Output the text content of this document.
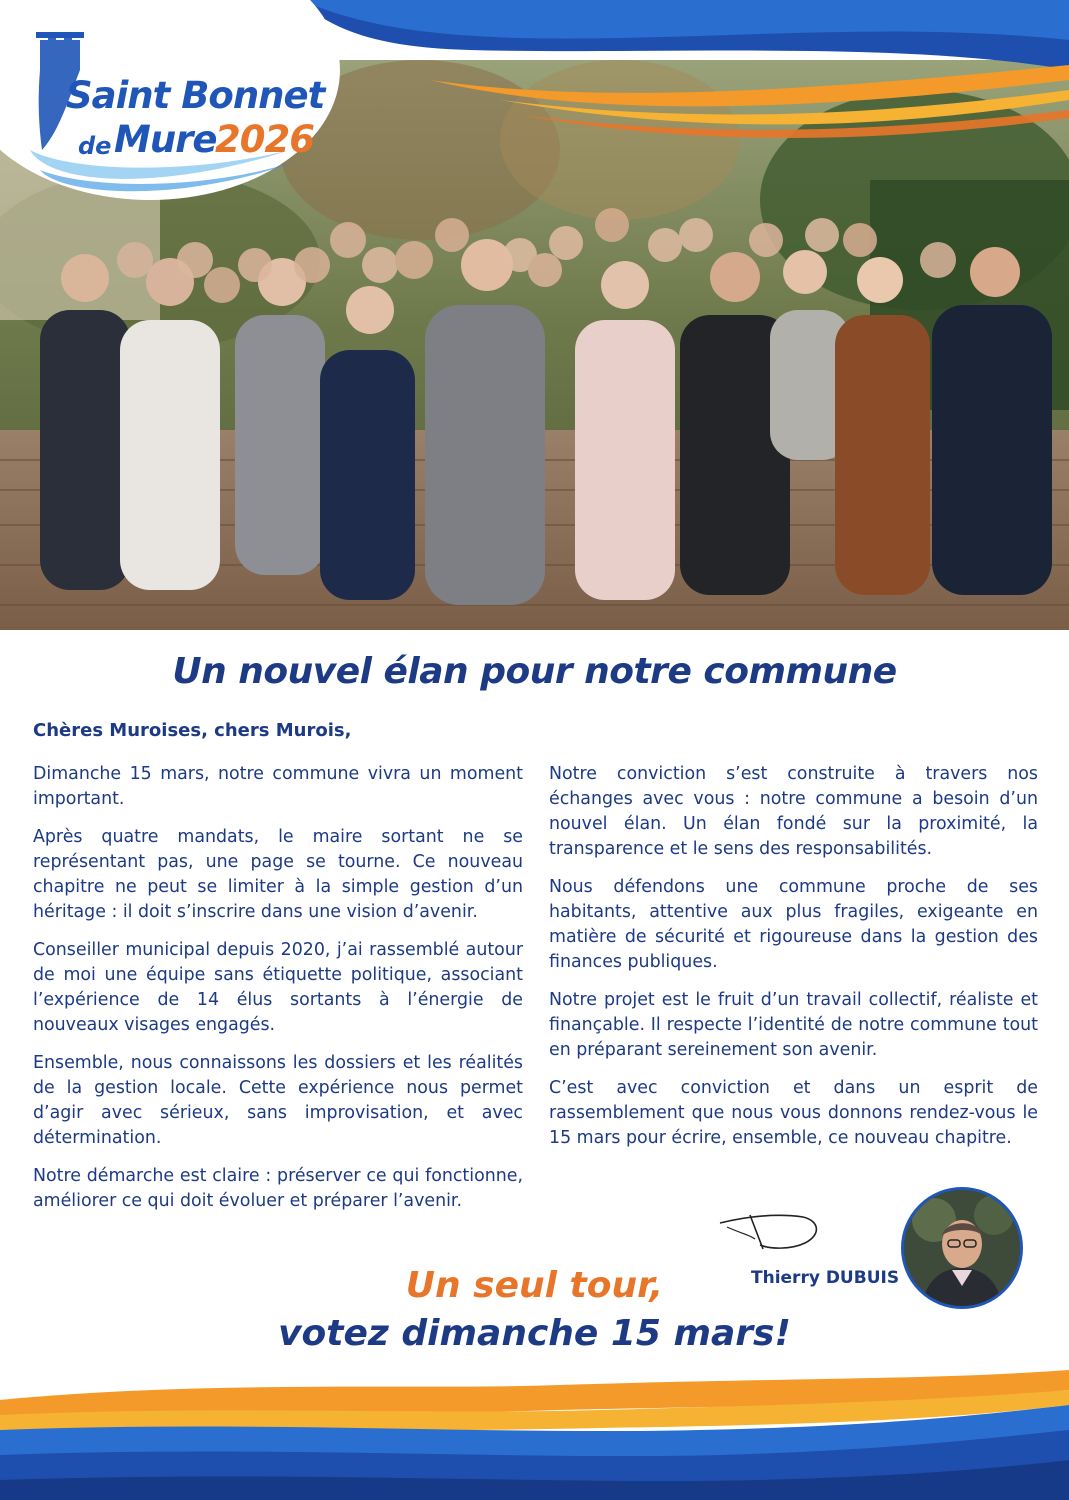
Saint Bonnet
de Mure
2026
Un nouvel élan pour notre commune
Chères Muroises, chers Murois,

Dimanche 15 mars, notre commune vivra un moment important.

Après quatre mandats, le maire sortant ne se représentant pas, une page se tourne. Ce nouveau chapitre ne peut se limiter à la simple gestion d’un héritage : il doit s’inscrire dans une vision d’avenir.

Conseiller municipal depuis 2020, j’ai rassemblé autour de moi une équipe sans étiquette politique, associant l’expérience de 14 élus sortants à l’énergie de nouveaux visages engagés.

Ensemble, nous connaissons les dossiers et les réalités de la gestion locale. Cette expérience nous permet d’agir avec sérieux, sans improvisation, et avec détermination.

Notre démarche est claire : préserver ce qui fonctionne, améliorer ce qui doit évoluer et préparer l’avenir.

Notre conviction s’est construite à travers nos échanges avec vous : notre commune a besoin d’un nouvel élan. Un élan fondé sur la proximité, la transparence et le sens des responsabilités.

Nous défendons une commune proche de ses habitants, attentive aux plus fragiles, exigeante en matière de sécurité et rigoureuse dans la gestion des finances publiques.

Notre projet est le fruit d’un travail collectif, réaliste et finançable. Il respecte l’identité de notre commune tout en préparant sereinement son avenir.

C’est avec conviction et dans un esprit de rassemblement que nous vous donnons rendez-vous le 15 mars pour écrire, ensemble, ce nouveau chapitre.

Thierry DUBUIS
Un seul tour,
votez dimanche 15 mars!
